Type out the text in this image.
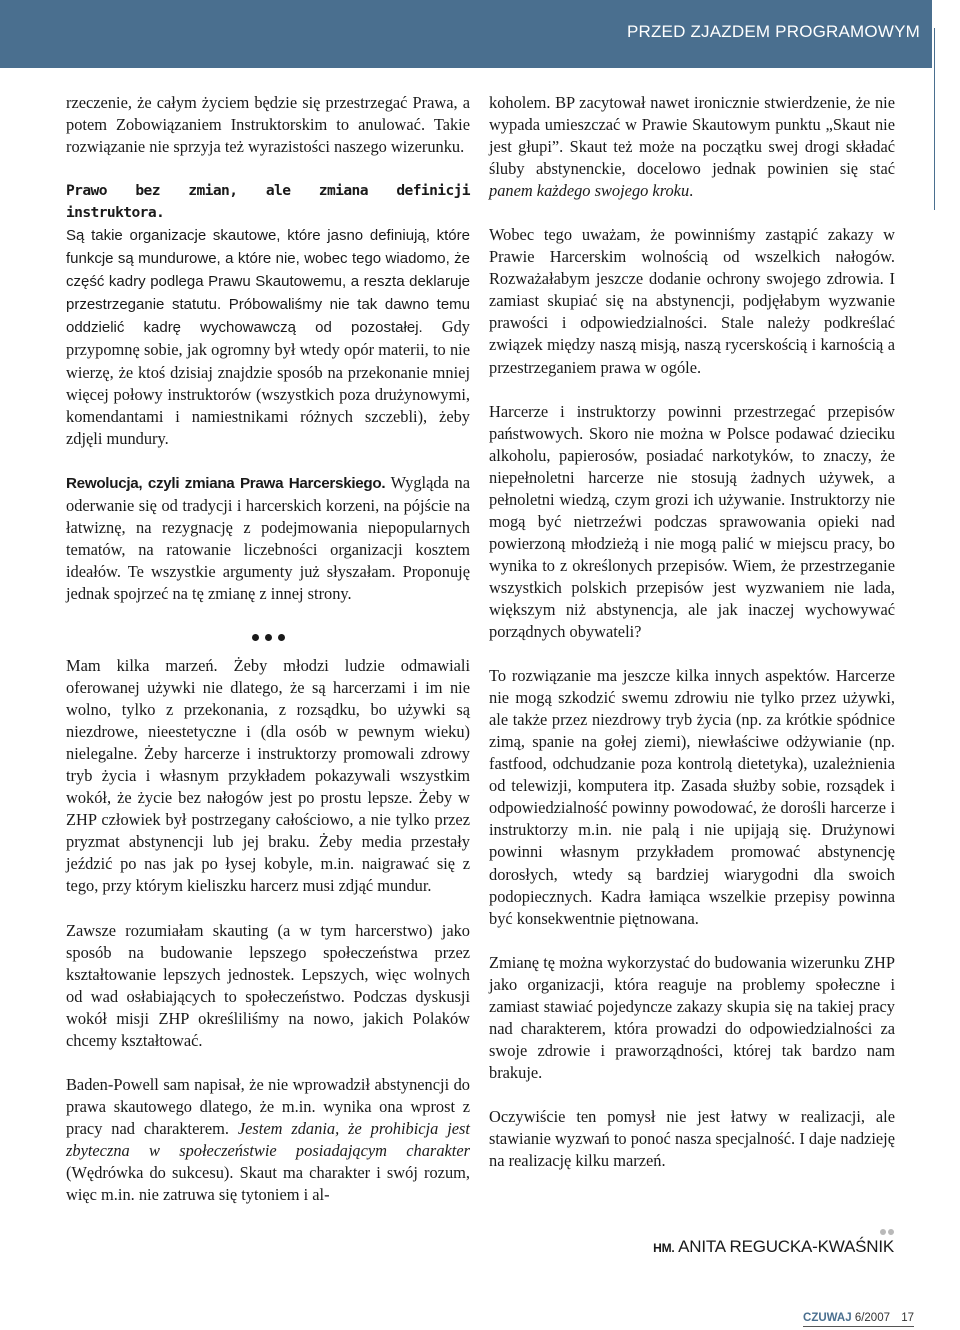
PRZED ZJAZDEM PROGRAMOWYM

rzeczenie, że całym życiem będzie się przestrzegać Prawa, a potem Zobowiązaniem Instruktorskim to anulować. Takie rozwiązanie nie sprzyja też wyrazistości naszego wizerunku.

Prawo bez zmian, ale zmiana definicji instruktora.

Są takie organizacje skautowe, które jasno definiują, które funkcje są mundurowe, a które nie, wobec tego wiadomo, że część kadry podlega Prawu Skautowemu, a reszta deklaruje przestrzeganie statutu. Próbowaliśmy nie tak dawno temu oddzielić kadrę wychowawczą od pozostałej. Gdy przypomnę sobie, jak ogromny był wtedy opór materii, to nie wierzę, że ktoś dzisiaj znajdzie sposób na przekonanie mniej więcej połowy instruktorów (wszystkich poza drużynowymi, komendantami i namiestnikami różnych szczebli), żeby zdjęli mundury.

Rewolucja, czyli zmiana Prawa Harcerskiego. Wygląda na oderwanie się od tradycji i harcerskich korzeni, na pójście na łatwiznę, na rezygnację z podejmowania niepopularnych tematów, na ratowanie liczebności organizacji kosztem ideałów. Te wszystkie argumenty już słyszałam. Proponuję jednak spojrzeć na tę zmianę z innej strony.

Mam kilka marzeń. Żeby młodzi ludzie odmawiali oferowanej używki nie dlatego, że są harcerzami i im nie wolno, tylko z przekonania, z rozsądku, bo używki są niezdrowe, nieestetyczne i (dla osób w pewnym wieku) nielegalne. Żeby harcerze i instruktorzy promowali zdrowy tryb życia i własnym przykładem pokazywali wszystkim wokół, że życie bez nałogów jest po prostu lepsze. Żeby w ZHP człowiek był postrzegany całościowo, a nie tylko przez pryzmat abstynencji lub jej braku. Żeby media przestały jeździć po nas jak po łysej kobyle, m.in. naigrawać się z tego, przy którym kieliszku harcerz musi zdjąć mundur.

Zawsze rozumiałam skauting (a w tym harcerstwo) jako sposób na budowanie lepszego społeczeństwa przez kształtowanie lepszych jednostek. Lepszych, więc wolnych od wad osłabiających to społeczeństwo. Podczas dyskusji wokół misji ZHP określiliśmy na nowo, jakich Polaków chcemy kształtować.

Baden-Powell sam napisał, że nie wprowadził abstynencji do prawa skautowego dlatego, że m.in. wynika ona wprost z pracy nad charakterem. Jestem zdania, że prohibicja jest zbyteczna w społeczeństwie posiadającym charakter (Wędrówka do sukcesu). Skaut ma charakter i swój rozum, więc m.in. nie zatruwa się tytoniem i al-

koholem. BP zacytował nawet ironicznie stwierdzenie, że nie wypada umieszczać w Prawie Skautowym punktu „Skaut nie jest głupi”. Skaut też może na początku swej drogi składać śluby abstynenckie, docelowo jednak powinien się stać panem każdego swojego kroku.

Wobec tego uważam, że powinniśmy zastąpić zakazy w Prawie Harcerskim wolnością od wszelkich nałogów. Rozważałabym jeszcze dodanie ochrony swojego zdrowia. I zamiast skupiać się na abstynencji, podjęłabym wyzwanie prawości i odpowiedzialności. Stale należy podkreślać związek między naszą misją, naszą rycerskością i karnością a przestrzeganiem prawa w ogóle.

Harcerze i instruktorzy powinni przestrzegać przepisów państwowych. Skoro nie można w Polsce podawać dzieciku alkoholu, papierosów, posiadać narkotyków, to znaczy, że niepełnoletni harcerze nie stosują żadnych używek, a pełnoletni wiedzą, czym grozi ich używanie. Instruktorzy nie mogą być nietrzeźwi podczas sprawowania opieki nad powierzoną młodzieżą i nie mogą palić w miejscu pracy, bo wynika to z określonych przepisów. Wiem, że przestrzeganie wszystkich polskich przepisów jest wyzwaniem nie lada, większym niż abstynencja, ale jak inaczej wychowywać porządnych obywateli?

To rozwiązanie ma jeszcze kilka innych aspektów. Harcerze nie mogą szkodzić swemu zdrowiu nie tylko przez używki, ale także przez niezdrowy tryb życia (np. za krótkie spódnice zimą, spanie na gołej ziemi), niewłaściwe odżywianie (np. fastfood, odchudzanie poza kontrolą dietetyka), uzależnienia od telewizji, komputera itp. Zasada służby sobie, rozsądek i odpowiedzialność powinny powodować, że dorośli harcerze i instruktorzy m.in. nie palą i nie upijają się. Drużynowi powinni własnym przykładem promować abstynencję dorosłych, wtedy są bardziej wiarygodni dla swoich podopiecznych. Kadra łamiąca wszelkie przepisy powinna być konsekwentnie piętnowana.

Zmianę tę można wykorzystać do budowania wizerunku ZHP jako organizacji, która reaguje na problemy społeczne i zamiast stawiać pojedyncze zakazy skupia się na takiej pracy nad charakterem, która prowadzi do odpowiedzialności za swoje zdrowie i praworządności, której tak bardzo nam brakuje.

Oczywiście ten pomysł nie jest łatwy w realizacji, ale stawianie wyzwań to ponoć nasza specjalność. I daje nadzieję na realizację kilku marzeń.

HM. ANITA REGUCKA-KWAŚNIK
CZUWAJ 6/2007 17
